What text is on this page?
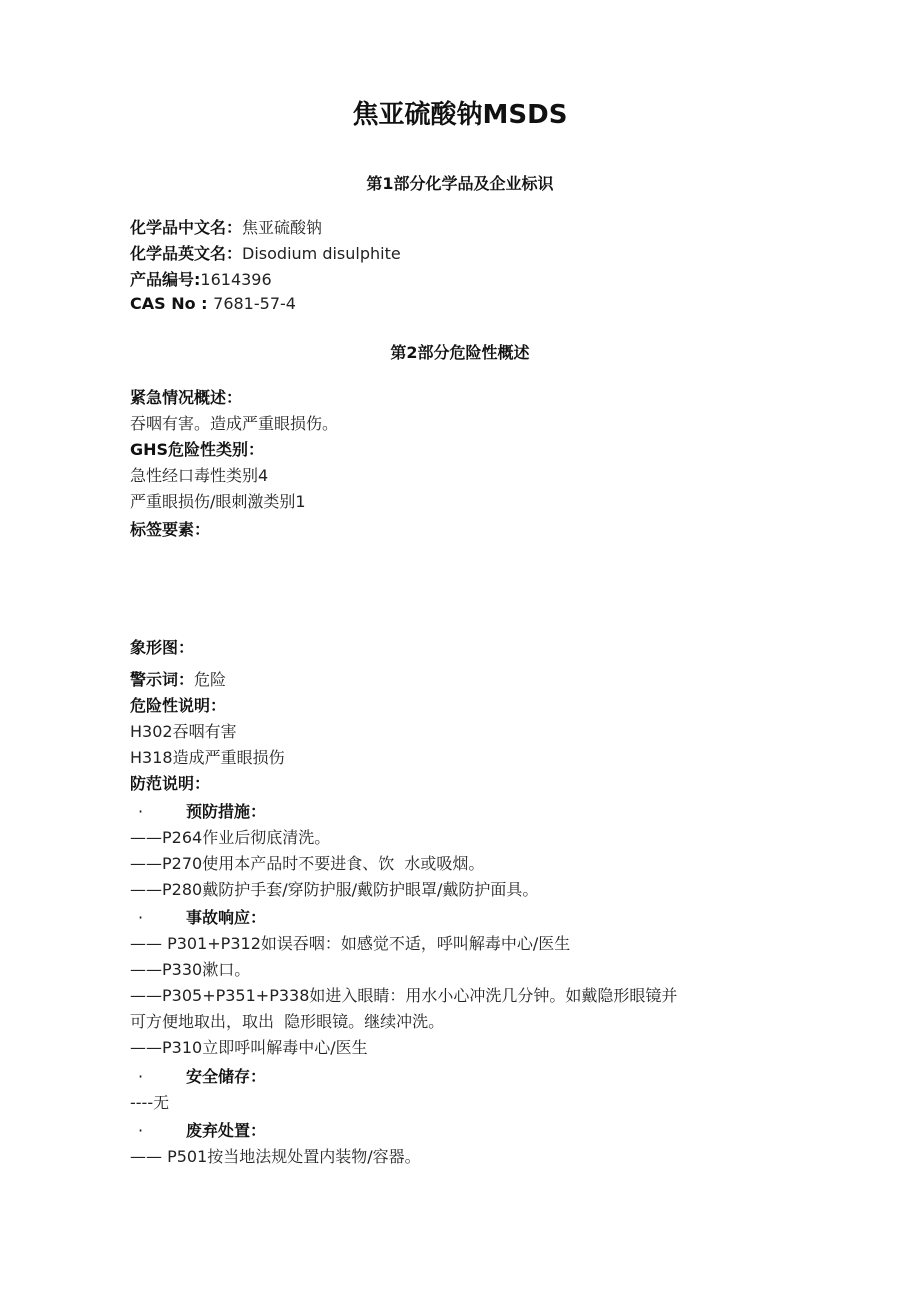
焦亚硫酸钠MSDS
第1部分化学品及企业标识
化学品中文名：焦亚硫酸钠
化学品英文名：Disodium disulphite
产品编号:1614396
CAS No : 7681-57-4
第2部分危险性概述
紧急情况概述：
吞咽有害。造成严重眼损伤。
GHS危险性类别：
急性经口毒性类别4
严重眼损伤/眼刺激类别1
标签要素：
象形图：
警示词：危险
危险性说明：
H302吞咽有害
H318造成严重眼损伤
防范说明：
·	预防措施：
——P264作业后彻底清洗。
——P270使用本产品时不要进食、饮  水或吸烟。
——P280戴防护手套/穿防护服/戴防护眼罩/戴防护面具。
·	事故响应：
—— P301+P312如误吞咽：如感觉不适，呼叫解毒中心/医生
——P330漱口。
——P305+P351+P338如进入眼睛：用水小心冲洗几分钟。如戴隐形眼镜并
可方便地取出，取出  隐形眼镜。继续冲洗。
——P310立即呼叫解毒中心/医生
·	安全储存：
----无
·	废弃处置：
—— P501按当地法规处置内装物/容器。
